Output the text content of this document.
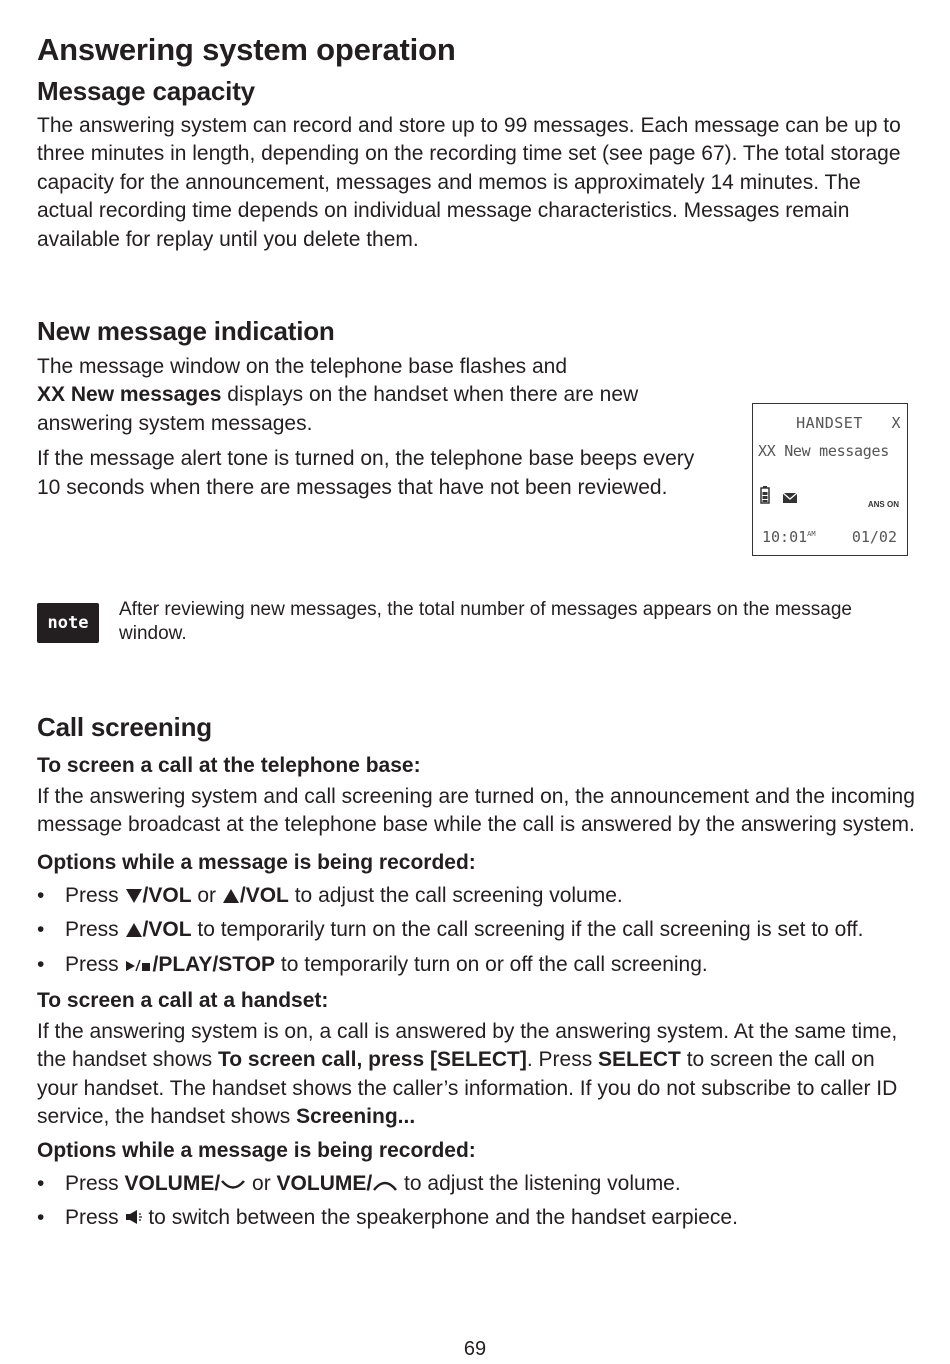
Answering system operation
Message capacity

The answering system can record and store up to 99 messages. Each message can be up to three minutes in length, depending on the recording time set (see page 67). The total storage capacity for the announcement, messages and memos is approximately 14 minutes. The actual recording time depends on individual message characteristics. Messages remain available for replay until you delete them.

New message indication

The message window on the telephone base flashes and
XX New messages displays on the handset when there are new answering system messages.

If the message alert tone is turned on, the telephone base beeps every 10 seconds when there are messages that have not been reviewed.

HANDSET   X
XX New messages

ANS ON
$10:01^{AM}$ 01/02
note
After reviewing new messages, the total number of messages appears on the message window.
Call screening
To screen a call at the telephone base:

If the answering system and call screening are turned on, the announcement and the incoming message broadcast at the telephone base while the call is answered by the answering system.

Options while a message is being recorded:
• Press /VOL or /VOL to adjust the call screening volume.
• Press /VOL to temporarily turn on the call screening if the call screening is set to off.
• Press /PLAY/STOP to temporarily turn on or off the call screening.
To screen a call at a handset:

If the answering system is on, a call is answered by the answering system. At the same time, the handset shows To screen call, press [SELECT]. Press SELECT to screen the call on your handset. The handset shows the caller’s information. If you do not subscribe to caller ID service, the handset shows Screening...

Options while a message is being recorded:
• Press VOLUME/ or VOLUME/ to adjust the listening volume.
• Press  to switch between the speakerphone and the handset earpiece.
69
